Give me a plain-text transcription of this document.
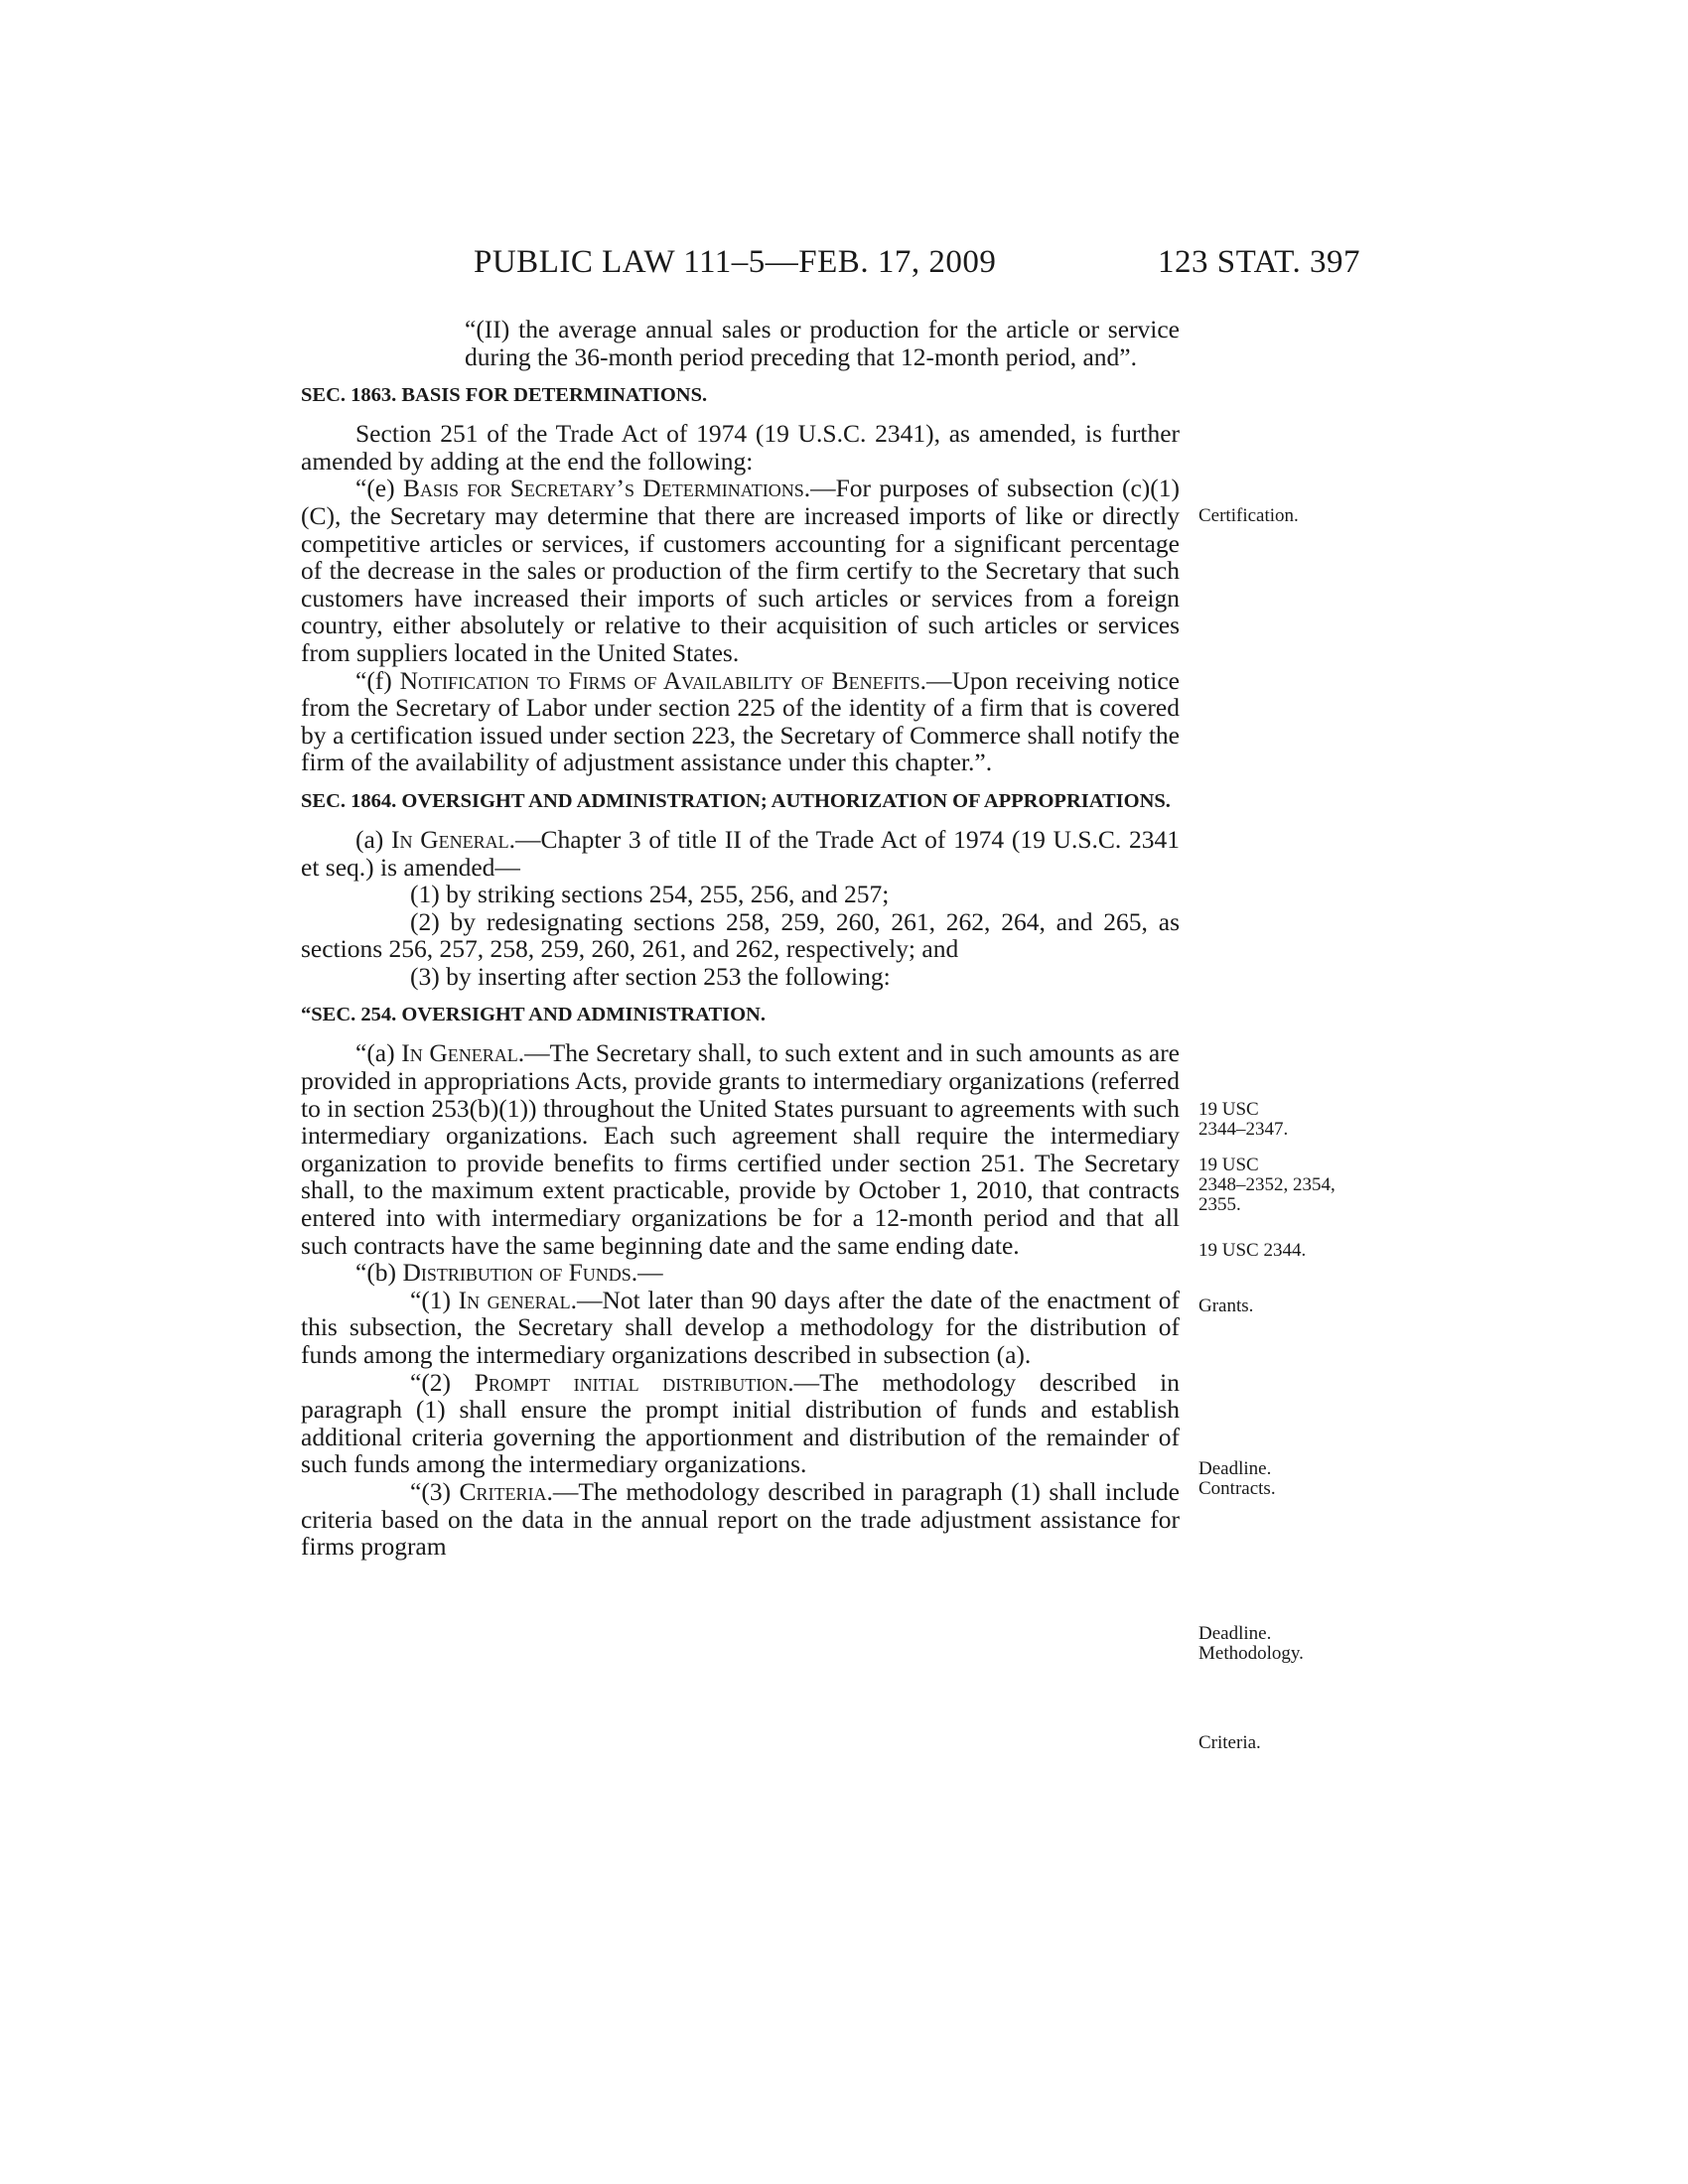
PUBLIC LAW 111–5—FEB. 17, 2009	123 STAT. 397

“(II) the average annual sales or production for the article or service during the 36-month period preceding that 12-month period, and”.

SEC. 1863. BASIS FOR DETERMINATIONS.

Section 251 of the Trade Act of 1974 (19 U.S.C. 2341), as amended, is further amended by adding at the end the following:

“(e) Basis for Secretary’s Determinations.—For purposes of subsection (c)(1)(C), the Secretary may determine that there are increased imports of like or directly competitive articles or services, if customers accounting for a significant percentage of the decrease in the sales or production of the firm certify to the Secretary that such customers have increased their imports of such articles or services from a foreign country, either absolutely or relative to their acquisition of such articles or services from suppliers located in the United States.

“(f) Notification to Firms of Availability of Benefits.—Upon receiving notice from the Secretary of Labor under section 225 of the identity of a firm that is covered by a certification issued under section 223, the Secretary of Commerce shall notify the firm of the availability of adjustment assistance under this chapter.”.

SEC. 1864. OVERSIGHT AND ADMINISTRATION; AUTHORIZATION OF APPROPRIATIONS.

(a) In General.—Chapter 3 of title II of the Trade Act of 1974 (19 U.S.C. 2341 et seq.) is amended—

(1) by striking sections 254, 255, 256, and 257;

(2) by redesignating sections 258, 259, 260, 261, 262, 264, and 265, as sections 256, 257, 258, 259, 260, 261, and 262, respectively; and

(3) by inserting after section 253 the following:

“SEC. 254. OVERSIGHT AND ADMINISTRATION.

“(a) In General.—The Secretary shall, to such extent and in such amounts as are provided in appropriations Acts, provide grants to intermediary organizations (referred to in section 253(b)(1)) throughout the United States pursuant to agreements with such intermediary organizations. Each such agreement shall require the intermediary organization to provide benefits to firms certified under section 251. The Secretary shall, to the maximum extent practicable, provide by October 1, 2010, that contracts entered into with intermediary organizations be for a 12-month period and that all such contracts have the same beginning date and the same ending date.

“(b) Distribution of Funds.—

“(1) In general.—Not later than 90 days after the date of the enactment of this subsection, the Secretary shall develop a methodology for the distribution of funds among the intermediary organizations described in subsection (a).

“(2) Prompt initial distribution.—The methodology described in paragraph (1) shall ensure the prompt initial distribution of funds and establish additional criteria governing the apportionment and distribution of the remainder of such funds among the intermediary organizations.

“(3) Criteria.—The methodology described in paragraph (1) shall include criteria based on the data in the annual report on the trade adjustment assistance for firms program

Certification.
19 USC
2344–2347.
19 USC
2348–2352, 2354,
2355.
19 USC 2344.
Grants.
Deadline.
Contracts.
Deadline.
Methodology.
Criteria.
